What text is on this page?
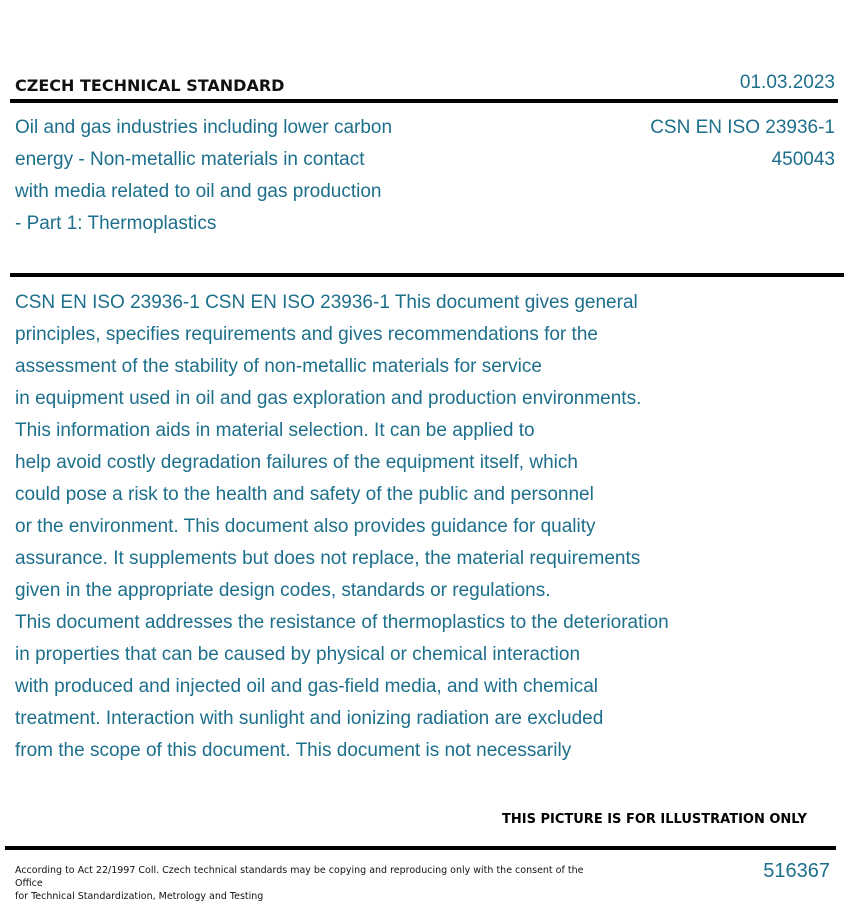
CZECH TECHNICAL STANDARD	01.03.2023
Oil and gas industries including lower carbon
energy - Non-metallic materials in contact
with media related to oil and gas production
- Part 1: Thermoplastics
CSN EN ISO 23936-1
450043

CSN EN ISO 23936-1 CSN EN ISO 23936-1 This document gives general

principles, specifies requirements and gives recommendations for the

assessment of the stability of non-metallic materials for service

in equipment used in oil and gas exploration and production environments.

This information aids in material selection. It can be applied to

help avoid costly degradation failures of the equipment itself, which

could pose a risk to the health and safety of the public and personnel

or the environment. This document also provides guidance for quality

assurance. It supplements but does not replace, the material requirements

given in the appropriate design codes, standards or regulations.

This document addresses the resistance of thermoplastics to the deterioration

in properties that can be caused by physical or chemical interaction

with produced and injected oil and gas-field media, and with chemical

treatment. Interaction with sunlight and ionizing radiation are excluded

from the scope of this document. This document is not necessarily

THIS PICTURE IS FOR ILLUSTRATION ONLY
According to Act 22/1997 Coll. Czech technical standards may be copying and reproducing only with the consent of the Office
for Technical Standardization, Metrology and Testing
516367
